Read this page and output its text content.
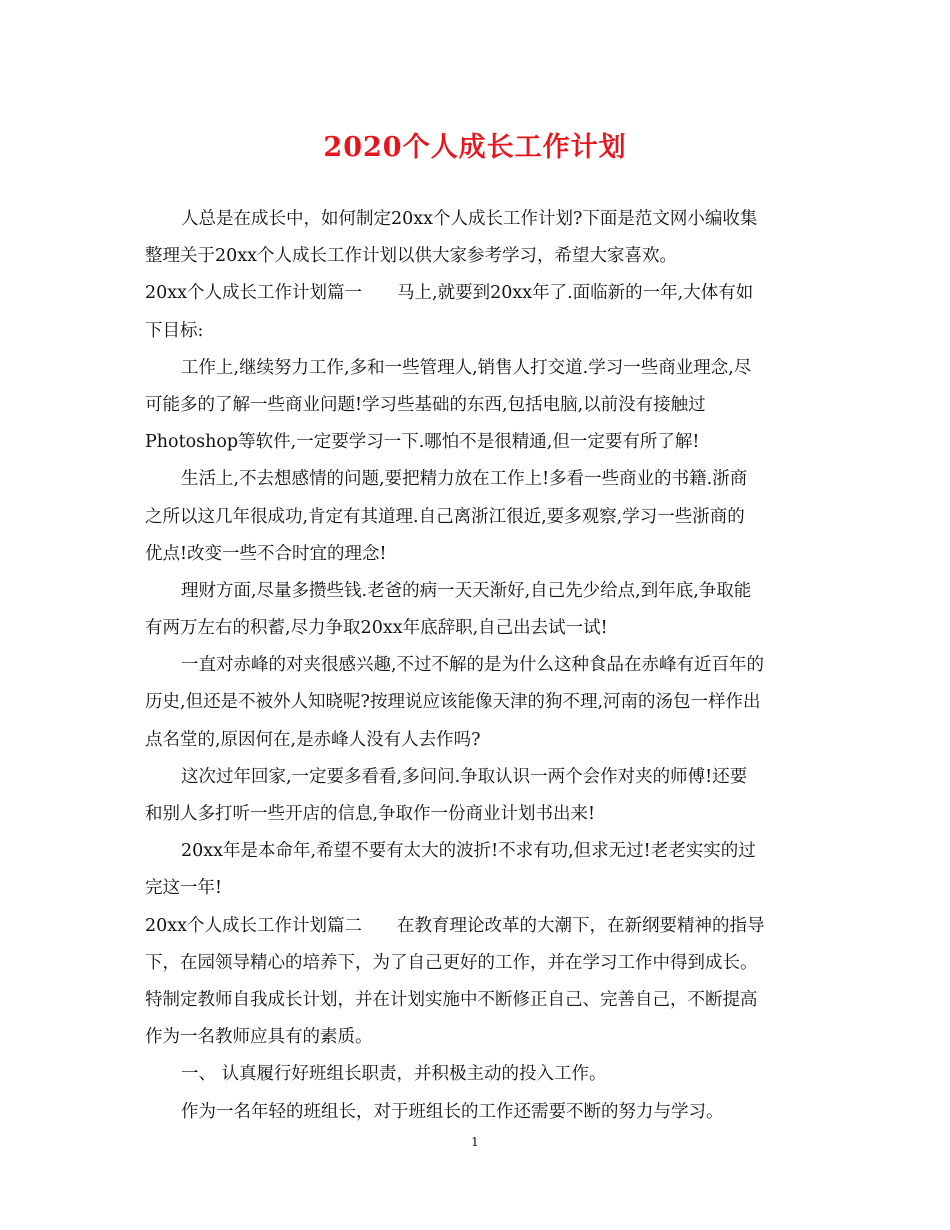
2020个人成长工作计划
人总是在成长中，如何制定20xx个人成长工作计划?下面是范文网小编收集
整理关于20xx个人成长工作计划以供大家参考学习，希望大家喜欢。
20xx个人成长工作计划篇一　　马上,就要到20xx年了.面临新的一年,大体有如
下目标:
工作上,继续努力工作,多和一些管理人,销售人打交道.学习一些商业理念,尽
可能多的了解一些商业问题!学习些基础的东西,包括电脑,以前没有接触过
Photoshop等软件,一定要学习一下.哪怕不是很精通,但一定要有所了解!
生活上,不去想感情的问题,要把精力放在工作上!多看一些商业的书籍.浙商
之所以这几年很成功,肯定有其道理.自己离浙江很近,要多观察,学习一些浙商的
优点!改变一些不合时宜的理念!
理财方面,尽量多攒些钱.老爸的病一天天渐好,自己先少给点,到年底,争取能
有两万左右的积蓄,尽力争取20xx年底辞职,自己出去试一试!
一直对赤峰的对夹很感兴趣,不过不解的是为什么这种食品在赤峰有近百年的
历史,但还是不被外人知晓呢?按理说应该能像天津的狗不理,河南的汤包一样作出
点名堂的,原因何在,是赤峰人没有人去作吗?
这次过年回家,一定要多看看,多问问.争取认识一两个会作对夹的师傅!还要
和别人多打听一些开店的信息,争取作一份商业计划书出来!
20xx年是本命年,希望不要有太大的波折!不求有功,但求无过!老老实实的过
完这一年!
20xx个人成长工作计划篇二　　在教育理论改革的大潮下，在新纲要精神的指导
下，在园领导精心的培养下，为了自己更好的工作，并在学习工作中得到成长。
特制定教师自我成长计划，并在计划实施中不断修正自己、完善自己，不断提高
作为一名教师应具有的素质。
一、 认真履行好班组长职责，并积极主动的投入工作。
作为一名年轻的班组长，对于班组长的工作还需要不断的努力与学习。
1
